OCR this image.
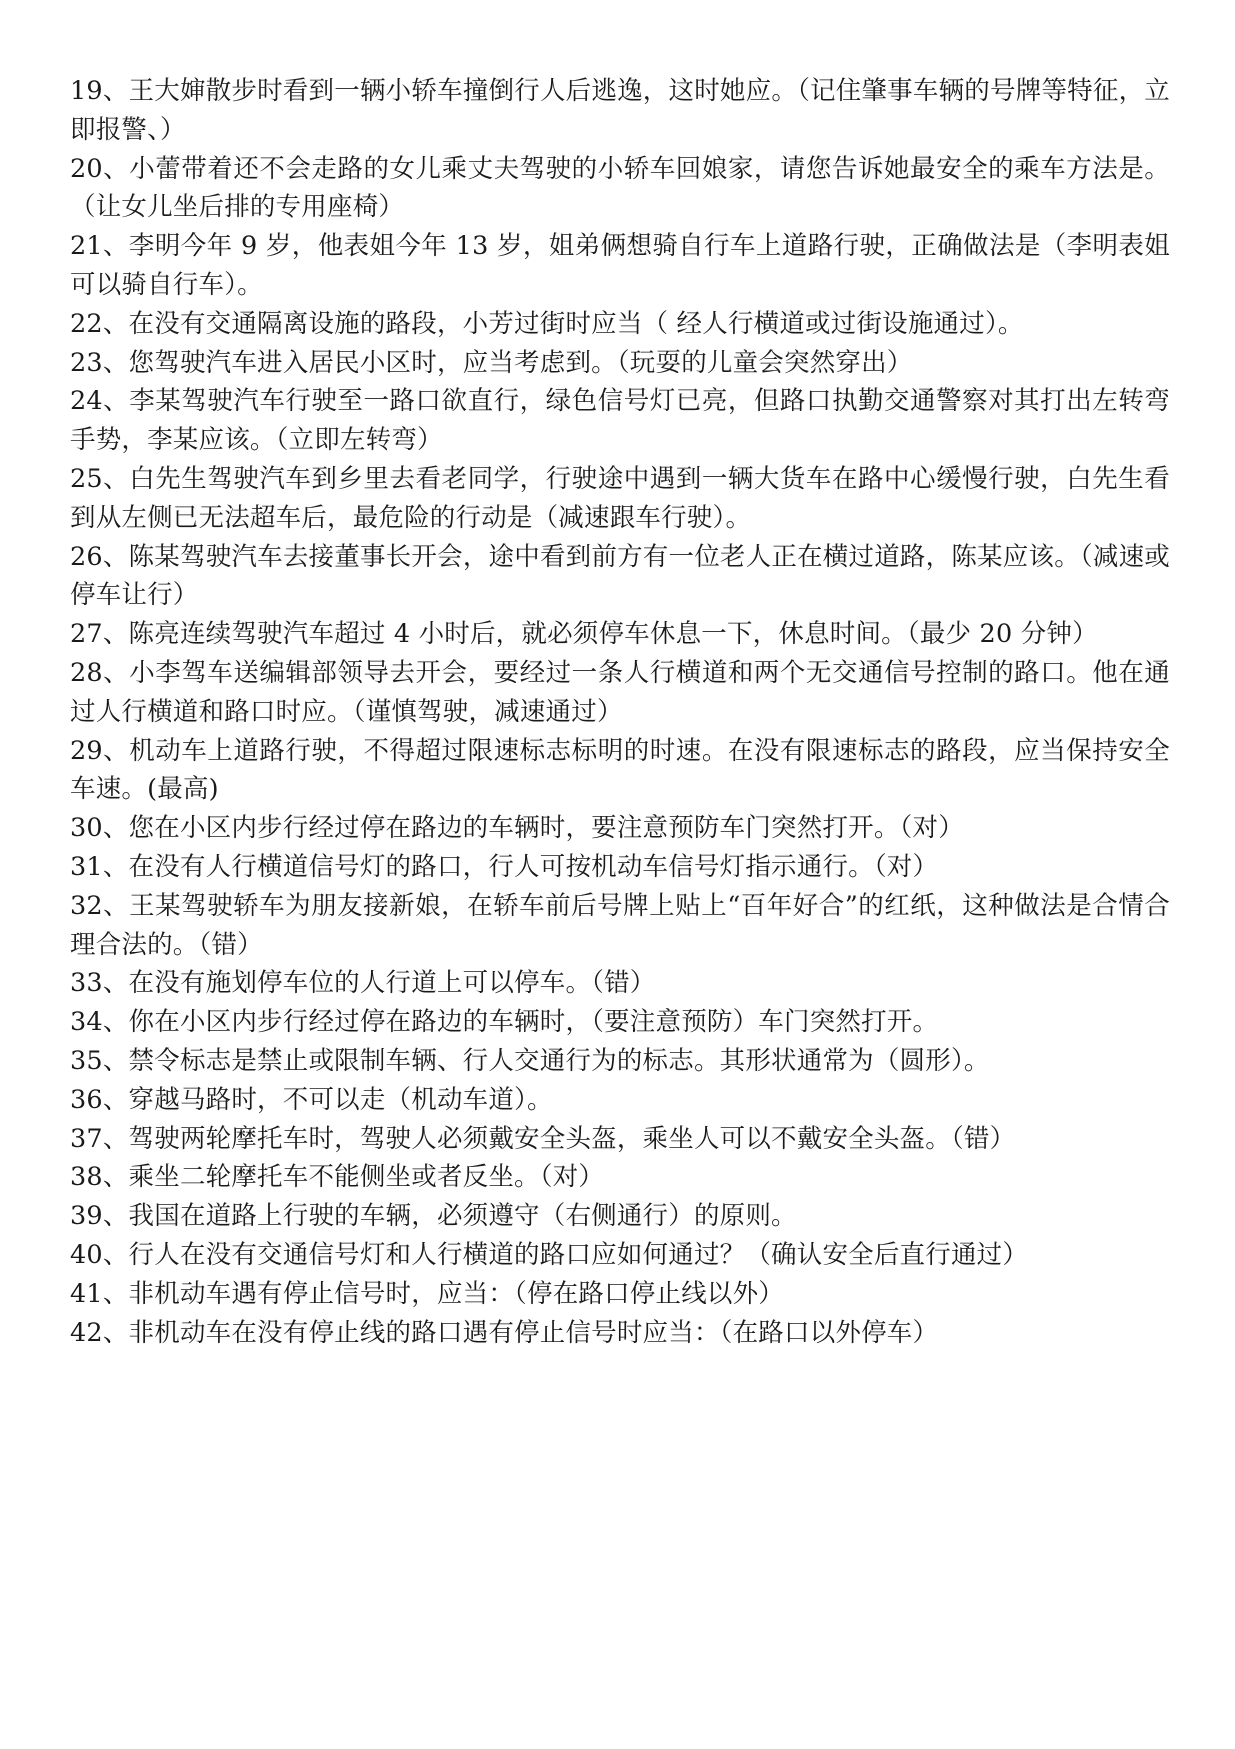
19、王大婶散步时看到一辆小轿车撞倒行人后逃逸，这时她应。（记住肇事车辆的号牌等特征，立即报警、）

20、小蕾带着还不会走路的女儿乘丈夫驾驶的小轿车回娘家，请您告诉她最安全的乘车方法是。（让女儿坐后排的专用座椅）

21、李明今年 9 岁，他表姐今年 13 岁，姐弟俩想骑自行车上道路行驶，正确做法是（李明表姐可以骑自行车）。

22、在没有交通隔离设施的路段，小芳过街时应当（ 经人行横道或过街设施通过）。

23、您驾驶汽车进入居民小区时，应当考虑到。（玩耍的儿童会突然穿出）

24、李某驾驶汽车行驶至一路口欲直行，绿色信号灯已亮，但路口执勤交通警察对其打出左转弯手势，李某应该。（立即左转弯）

25、白先生驾驶汽车到乡里去看老同学，行驶途中遇到一辆大货车在路中心缓慢行驶，白先生看到从左侧已无法超车后，最危险的行动是（减速跟车行驶）。

26、陈某驾驶汽车去接董事长开会，途中看到前方有一位老人正在横过道路，陈某应该。（减速或停车让行）

27、陈亮连续驾驶汽车超过 4 小时后，就必须停车休息一下，休息时间。（最少 20 分钟）

28、小李驾车送编辑部领导去开会，要经过一条人行横道和两个无交通信号控制的路口。他在通过人行横道和路口时应。（谨慎驾驶，减速通过）

29、机动车上道路行驶，不得超过限速标志标明的时速。在没有限速标志的路段，应当保持安全车速。(最高)

30、您在小区内步行经过停在路边的车辆时，要注意预防车门突然打开。（对）

31、在没有人行横道信号灯的路口，行人可按机动车信号灯指示通行。（对）

32、王某驾驶轿车为朋友接新娘，在轿车前后号牌上贴上“百年好合”的红纸，这种做法是合情合理合法的。（错）

33、在没有施划停车位的人行道上可以停车。（错）

34、你在小区内步行经过停在路边的车辆时，（要注意预防）车门突然打开。

35、禁令标志是禁止或限制车辆、行人交通行为的标志。其形状通常为（圆形）。

36、穿越马路时，不可以走（机动车道）。

37、驾驶两轮摩托车时，驾驶人必须戴安全头盔，乘坐人可以不戴安全头盔。（错）

38、乘坐二轮摩托车不能侧坐或者反坐。（对）

39、我国在道路上行驶的车辆，必须遵守（右侧通行）的原则。

40、行人在没有交通信号灯和人行横道的路口应如何通过？（确认安全后直行通过）

41、非机动车遇有停止信号时，应当：（停在路口停止线以外）

42、非机动车在没有停止线的路口遇有停止信号时应当：（在路口以外停车）
